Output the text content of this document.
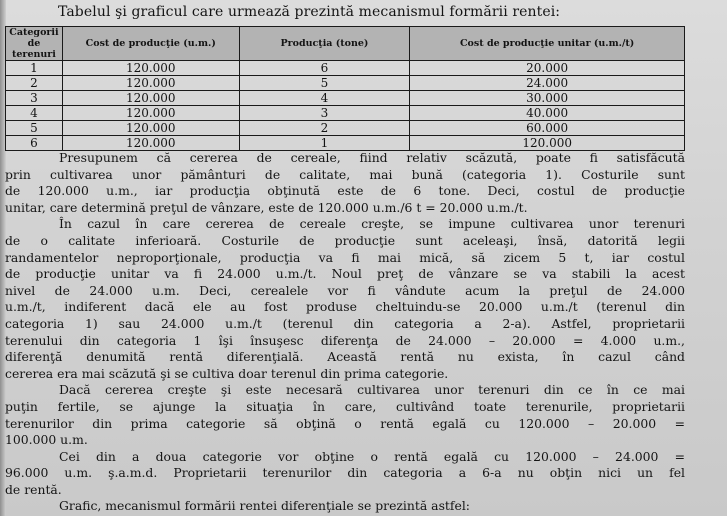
Tabelul şi graficul care urmează prezintă mecanismul formării rentei:
Categorii de terenuri	Cost de producţie (u.m.)	Producţia (tone)	Cost de producţie unitar (u.m./t)
1	120.000	6	20.000
2	120.000	5	24.000
3	120.000	4	30.000
4	120.000	3	40.000
5	120.000	2	60.000
6	120.000	1	120.000
Presupunem că cererea de cereale, fiind relativ scăzută, poate fi satisfăcută
prin cultivarea unor pământuri de calitate, mai bună (categoria 1). Costurile sunt
de 120.000 u.m., iar producţia obţinută este de 6 tone. Deci, costul de producţie
unitar, care determină preţul de vânzare, este de 120.000 u.m./6 t = 20.000 u.m./t.
În cazul în care cererea de cereale creşte, se impune cultivarea unor terenuri
de o calitate inferioară. Costurile de producţie sunt aceleaşi, însă, datorită legii
randamentelor neproporţionale, producţia va fi mai mică, să zicem 5 t, iar costul
de producţie unitar va fi 24.000 u.m./t. Noul preţ de vânzare se va stabili la acest
nivel de 24.000 u.m. Deci, cerealele vor fi vândute acum la preţul de 24.000
u.m./t, indiferent dacă ele au fost produse cheltuindu-se 20.000 u.m./t (terenul din
categoria 1) sau 24.000 u.m./t (terenul din categoria a 2-a). Astfel, proprietarii
terenului din categoria 1 îşi însuşesc diferenţa de 24.000 – 20.000 = 4.000 u.m.,
diferenţă denumită rentă diferenţială. Această rentă nu exista, în cazul când
cererea era mai scăzută şi se cultiva doar terenul din prima categorie.
Dacă cererea creşte şi este necesară cultivarea unor terenuri din ce în ce mai
puţin fertile, se ajunge la situaţia în care, cultivând toate terenurile, proprietarii
terenurilor din prima categorie să obţină o rentă egală cu 120.000 – 20.000 =
100.000 u.m.
Cei din a doua categorie vor obţine o rentă egală cu 120.000 – 24.000 =
96.000 u.m. ş.a.m.d. Proprietarii terenurilor din categoria a 6-a nu obţin nici un fel
de rentă.
Grafic, mecanismul formării rentei diferenţiale se prezintă astfel:
